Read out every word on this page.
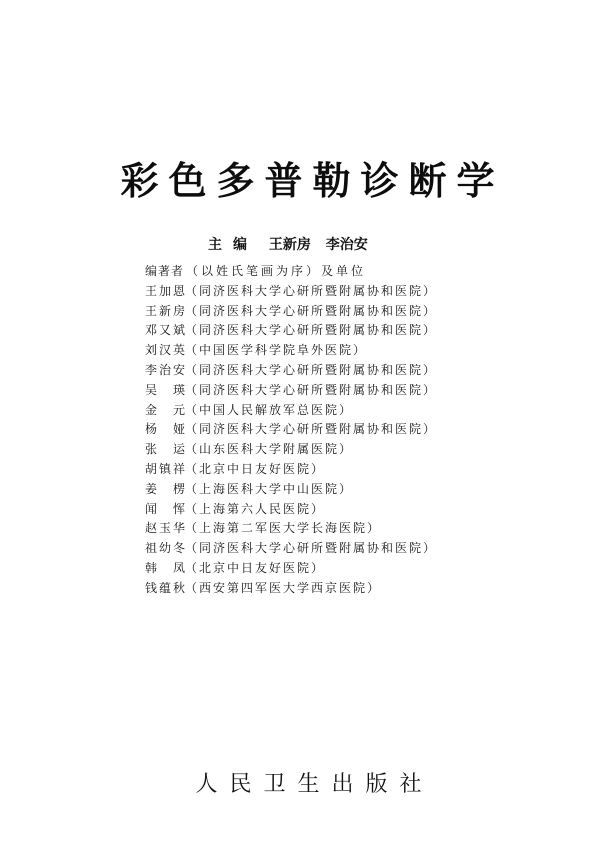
彩色多普勒诊断学
主编 王新房 李治安
编著者 （以姓氏笔画为序）及单位
王加恩（同济医科大学心研所暨附属协和医院）
王新房（同济医科大学心研所暨附属协和医院）
邓又斌（同济医科大学心研所暨附属协和医院）
刘汉英（中国医学科学院阜外医院）
李治安（同济医科大学心研所暨附属协和医院）
吴瑛（同济医科大学心研所暨附属协和医院）
金元（中国人民解放军总医院）
杨娅（同济医科大学心研所暨附属协和医院）
张运（山东医科大学附属医院）
胡镇祥（北京中日友好医院）
姜楞（上海医科大学中山医院）
闻恽（上海第六人民医院）
赵玉华（上海第二军医大学长海医院）
祖幼冬（同济医科大学心研所暨附属协和医院）
韩凤（北京中日友好医院）
钱蕴秋（西安第四军医大学西京医院）
人民卫生出版社
